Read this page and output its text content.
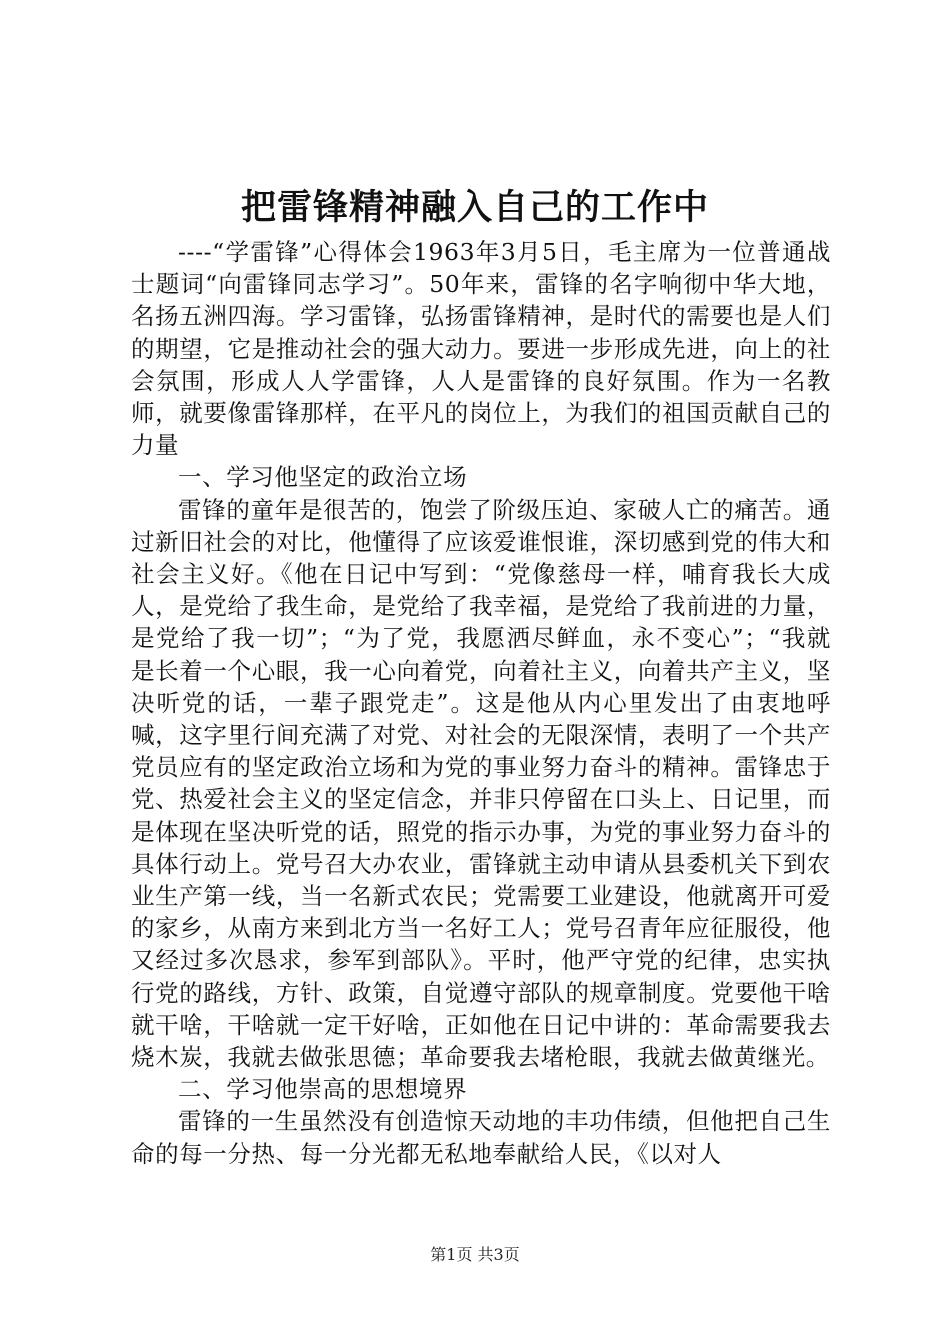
把雷锋精神融入自己的工作中

----“学雷锋”心得体会1963年3月5日，毛主席为一位普通战士题词“向雷锋同志学习”。50年来，雷锋的名字响彻中华大地，名扬五洲四海。学习雷锋，弘扬雷锋精神，是时代的需要也是人们的期望，它是推动社会的强大动力。要进一步形成先进，向上的社会氛围，形成人人学雷锋，人人是雷锋的良好氛围。作为一名教师，就要像雷锋那样，在平凡的岗位上，为我们的祖国贡献自己的力量

一、学习他坚定的政治立场

雷锋的童年是很苦的，饱尝了阶级压迫、家破人亡的痛苦。通过新旧社会的对比，他懂得了应该爱谁恨谁，深切感到党的伟大和社会主义好。《他在日记中写到：“党像慈母一样，哺育我长大成人，是党给了我生命，是党给了我幸福，是党给了我前进的力量，是党给了我一切”；“为了党，我愿洒尽鲜血，永不变心”；“我就是长着一个心眼，我一心向着党，向着社主义，向着共产主义，坚决听党的话，一辈子跟党走”。这是他从内心里发出了由衷地呼喊，这字里行间充满了对党、对社会的无限深情，表明了一个共产党员应有的坚定政治立场和为党的事业努力奋斗的精神。雷锋忠于党、热爱社会主义的坚定信念，并非只停留在口头上、日记里，而是体现在坚决听党的话，照党的指示办事，为党的事业努力奋斗的具体行动上。党号召大办农业，雷锋就主动申请从县委机关下到农业生产第一线，当一名新式农民；党需要工业建设，他就离开可爱的家乡，从南方来到北方当一名好工人；党号召青年应征服役，他又经过多次恳求，参军到部队》。平时，他严守党的纪律，忠实执行党的路线，方针、政策，自觉遵守部队的规章制度。党要他干啥就干啥，干啥就一定干好啥，正如他在日记中讲的：革命需要我去烧木炭，我就去做张思德；革命要我去堵枪眼，我就去做黄继光。

二、学习他崇高的思想境界

雷锋的一生虽然没有创造惊天动地的丰功伟绩，但他把自己生命的每一分热、每一分光都无私地奉献给人民，《以对人

第1页 共3页
